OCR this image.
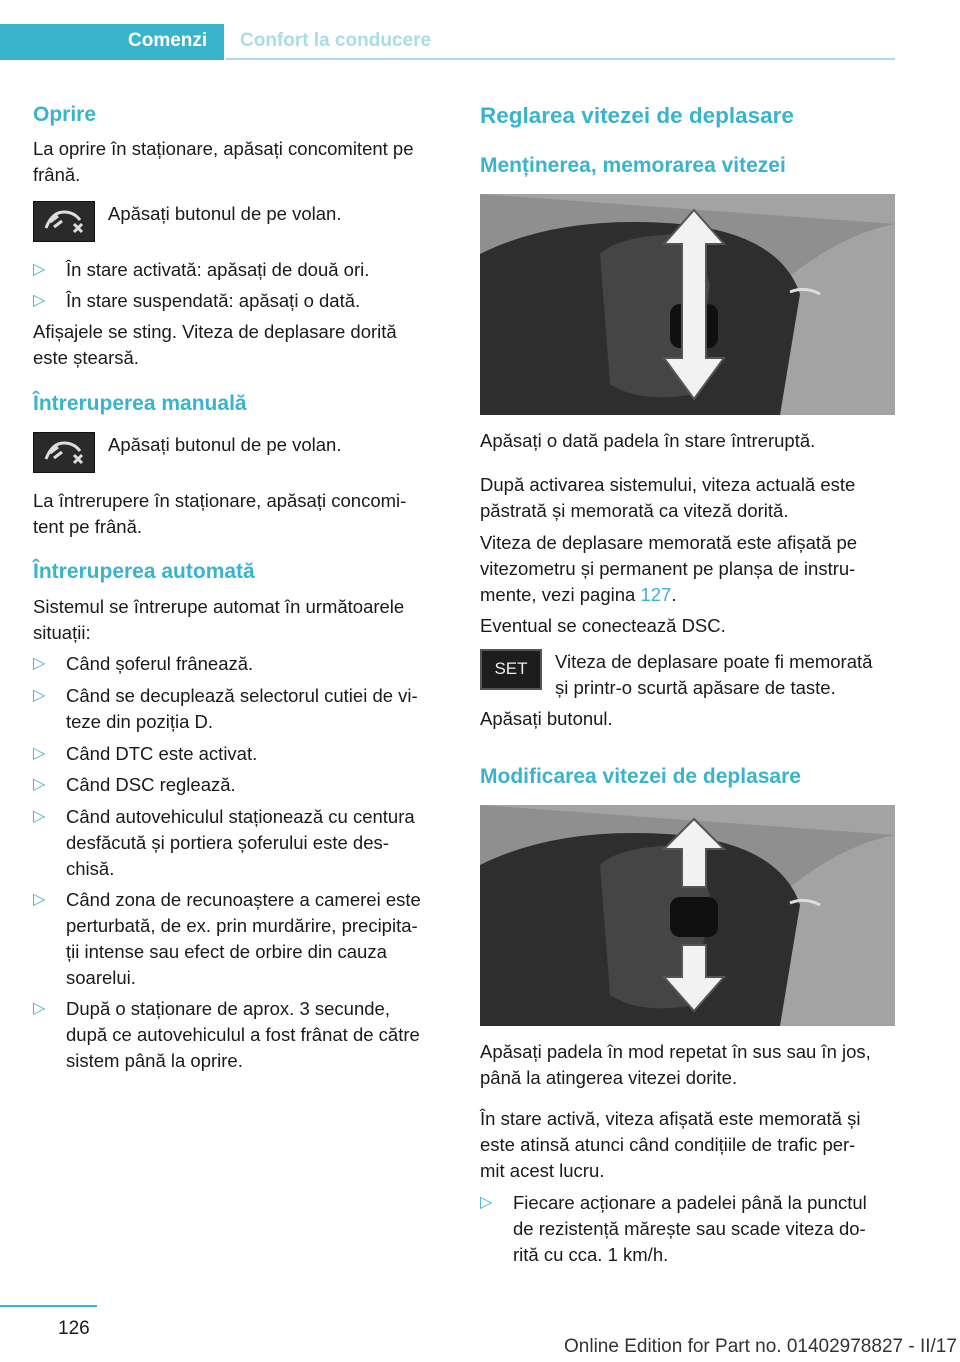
Comenzi Confort la conducere
Oprire
La oprire în staționare, apăsați concomitent pe
frână.
Apăsați butonul de pe volan.
▷ În stare activată: apăsați de două ori.
▷ În stare suspendată: apăsați o dată.
Afișajele se sting. Viteza de deplasare dorită
este ștearsă.
Întreruperea manuală
Apăsați butonul de pe volan.
La întrerupere în staționare, apăsați concomi‐
tent pe frână.
Întreruperea automată
Sistemul se întrerupe automat în următoarele
situații:
▷ Când șoferul frânează.
▷ Când se decuplează selectorul cutiei de vi‐
teze din poziția D.
▷ Când DTC este activat.
▷ Când DSC reglează.
▷ Când autovehiculul staționează cu centura
desfăcută și portiera șoferului este des‐
chisă.
▷ Când zona de recunoaștere a camerei este
perturbată, de ex. prin murdărire, precipita‐
ții intense sau efect de orbire din cauza
soarelui.
▷ După o staționare de aprox. 3 secunde,
după ce autovehiculul a fost frânat de către
sistem până la oprire.
Reglarea vitezei de deplasare
Menținerea, memorarea vitezei
Apăsați o dată padela în stare întreruptă.
După activarea sistemului, viteza actuală este
păstrată și memorată ca viteză dorită.
Viteza de deplasare memorată este afișată pe
vitezometru și permanent pe planșa de instru‐
mente, vezi pagina 127.
Eventual se conectează DSC.
SET	Viteza de deplasare poate fi memorată
și printr-o scurtă apăsare de taste.
Apăsați butonul.
Modificarea vitezei de deplasare
Apăsați padela în mod repetat în sus sau în jos,
până la atingerea vitezei dorite.
În stare activă, viteza afișată este memorată și
este atinsă atunci când condițiile de trafic per‐
mit acest lucru.
▷ Fiecare acționare a padelei până la punctul
de rezistență mărește sau scade viteza do‐
rită cu cca. 1 km/h.
126
Online Edition for Part no. 01402978827 - II/17
